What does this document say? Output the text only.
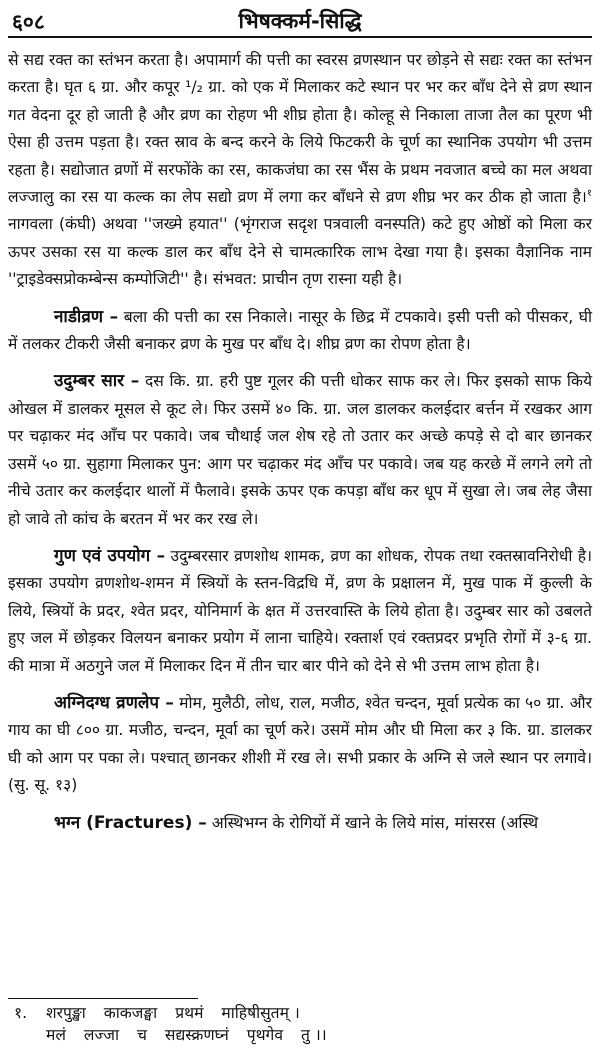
६०८	भिषक्कर्म-सिद्धि

से सद्य रक्त का स्तंभन करता है। अपामार्ग की पत्ती का स्वरस व्रणस्थान पर छोड़ने से सद्यः रक्त का स्तंभन करता है। घृत ६ ग्रा. और कपूर ¹/₂ ग्रा. को एक में मिलाकर कटे स्थान पर भर कर बाँध देने से व्रण स्थान गत वेदना दूर हो जाती है और व्रण का रोहण भी शीघ्र होता है। कोल्हू से निकाला ताजा तैल का पूरण भी ऐसा ही उत्तम पड़ता है। रक्त स्राव के बन्द करने के लिये फिटकरी के चूर्ण का स्थानिक उपयोग भी उत्तम रहता है। सद्योजात व्रणों में सरफोंके का रस, काकजंघा का रस भैंस के प्रथम नवजात बच्चे का मल अथवा लज्जालु का रस या कल्क का लेप सद्यो व्रण में लगा कर बाँधने से व्रण शीघ्र भर कर ठीक हो जाता है।$^१$ नागवला (कंघी) अथवा ''जख्मे हयात'' (भृंगराज सदृश पत्रवाली वनस्पति) कटे हुए ओष्ठों को मिला कर ऊपर उसका रस या कल्क डाल कर बाँध देने से चामत्कारिक लाभ देखा गया है। इसका वैज्ञानिक नाम ''ट्राइडेक्सप्रोकम्बेन्स कम्पोजिटी'' है। संभवत: प्राचीन तृण रास्ना यही है।

नाडीव्रण – बला की पत्ती का रस निकाले। नासूर के छिद्र में टपकावे। इसी पत्ती को पीसकर, घी में तलकर टीकरी जैसी बनाकर व्रण के मुख पर बाँध दे। शीघ्र व्रण का रोपण होता है।

उदुम्बर सार – दस कि. ग्रा. हरी पुष्ट गूलर की पत्ती धोकर साफ कर ले। फिर इसको साफ किये ओखल में डालकर मूसल से कूट ले। फिर उसमें ४० कि. ग्रा. जल डालकर कलईदार बर्त्तन में रखकर आग पर चढ़ाकर मंद आँच पर पकावे। जब चौथाई जल शेष रहे तो उतार कर अच्छे कपड़े से दो बार छानकर उसमें ५० ग्रा. सुहागा मिलाकर पुन: आग पर चढ़ाकर मंद आँच पर पकावे। जब यह करछे में लगने लगे तो नीचे उतार कर कलईदार थालों में फैलावे। इसके ऊपर एक कपड़ा बाँध कर धूप में सुखा ले। जब लेह जैसा हो जावे तो कांच के बरतन में भर कर रख ले।

गुण एवं उपयोग – उदुम्बरसार व्रणशोथ शामक, व्रण का शोधक, रोपक तथा रक्तस्रावनिरोधी है। इसका उपयोग व्रणशोथ-शमन में स्त्रियों के स्तन-विद्रधि में, व्रण के प्रक्षालन में, मुख पाक में कुल्ली के लिये, स्त्रियों के प्रदर, श्वेत प्रदर, योनिमार्ग के क्षत में उत्तरवास्ति के लिये होता है। उदुम्बर सार को उबलते हुए जल में छोड़कर विलयन बनाकर प्रयोग में लाना चाहिये। रक्तार्श एवं रक्तप्रदर प्रभृति रोगों में ३-६ ग्रा. की मात्रा में अठगुने जल में मिलाकर दिन में तीन चार बार पीने को देने से भी उत्तम लाभ होता है।

अग्निदग्ध व्रणलेप – मोम, मुलैठी, लोध, राल, मजीठ, श्वेत चन्दन, मूर्वा प्रत्येक का ५० ग्रा. और गाय का घी ८०० ग्रा. मजीठ, चन्दन, मूर्वा का चूर्ण करे। उसमें मोम और घी मिला कर ३ कि. ग्रा. डालकर घी को आग पर पका ले। पश्चात् छानकर शीशी में रख ले। सभी प्रकार के अग्नि से जले स्थान पर लगावे। (सु. सू. १३)

भग्न (Fractures) – अस्थिभग्न के रोगियों में खाने के लिये मांस, मांसरस (अस्थि

१. शरपुङ्खा काकजङ्घा प्रथमं माहिषीसुतम् ।
मलं लज्जा च सद्यस्क्रणघ्नं पृथगेव तु ।।
